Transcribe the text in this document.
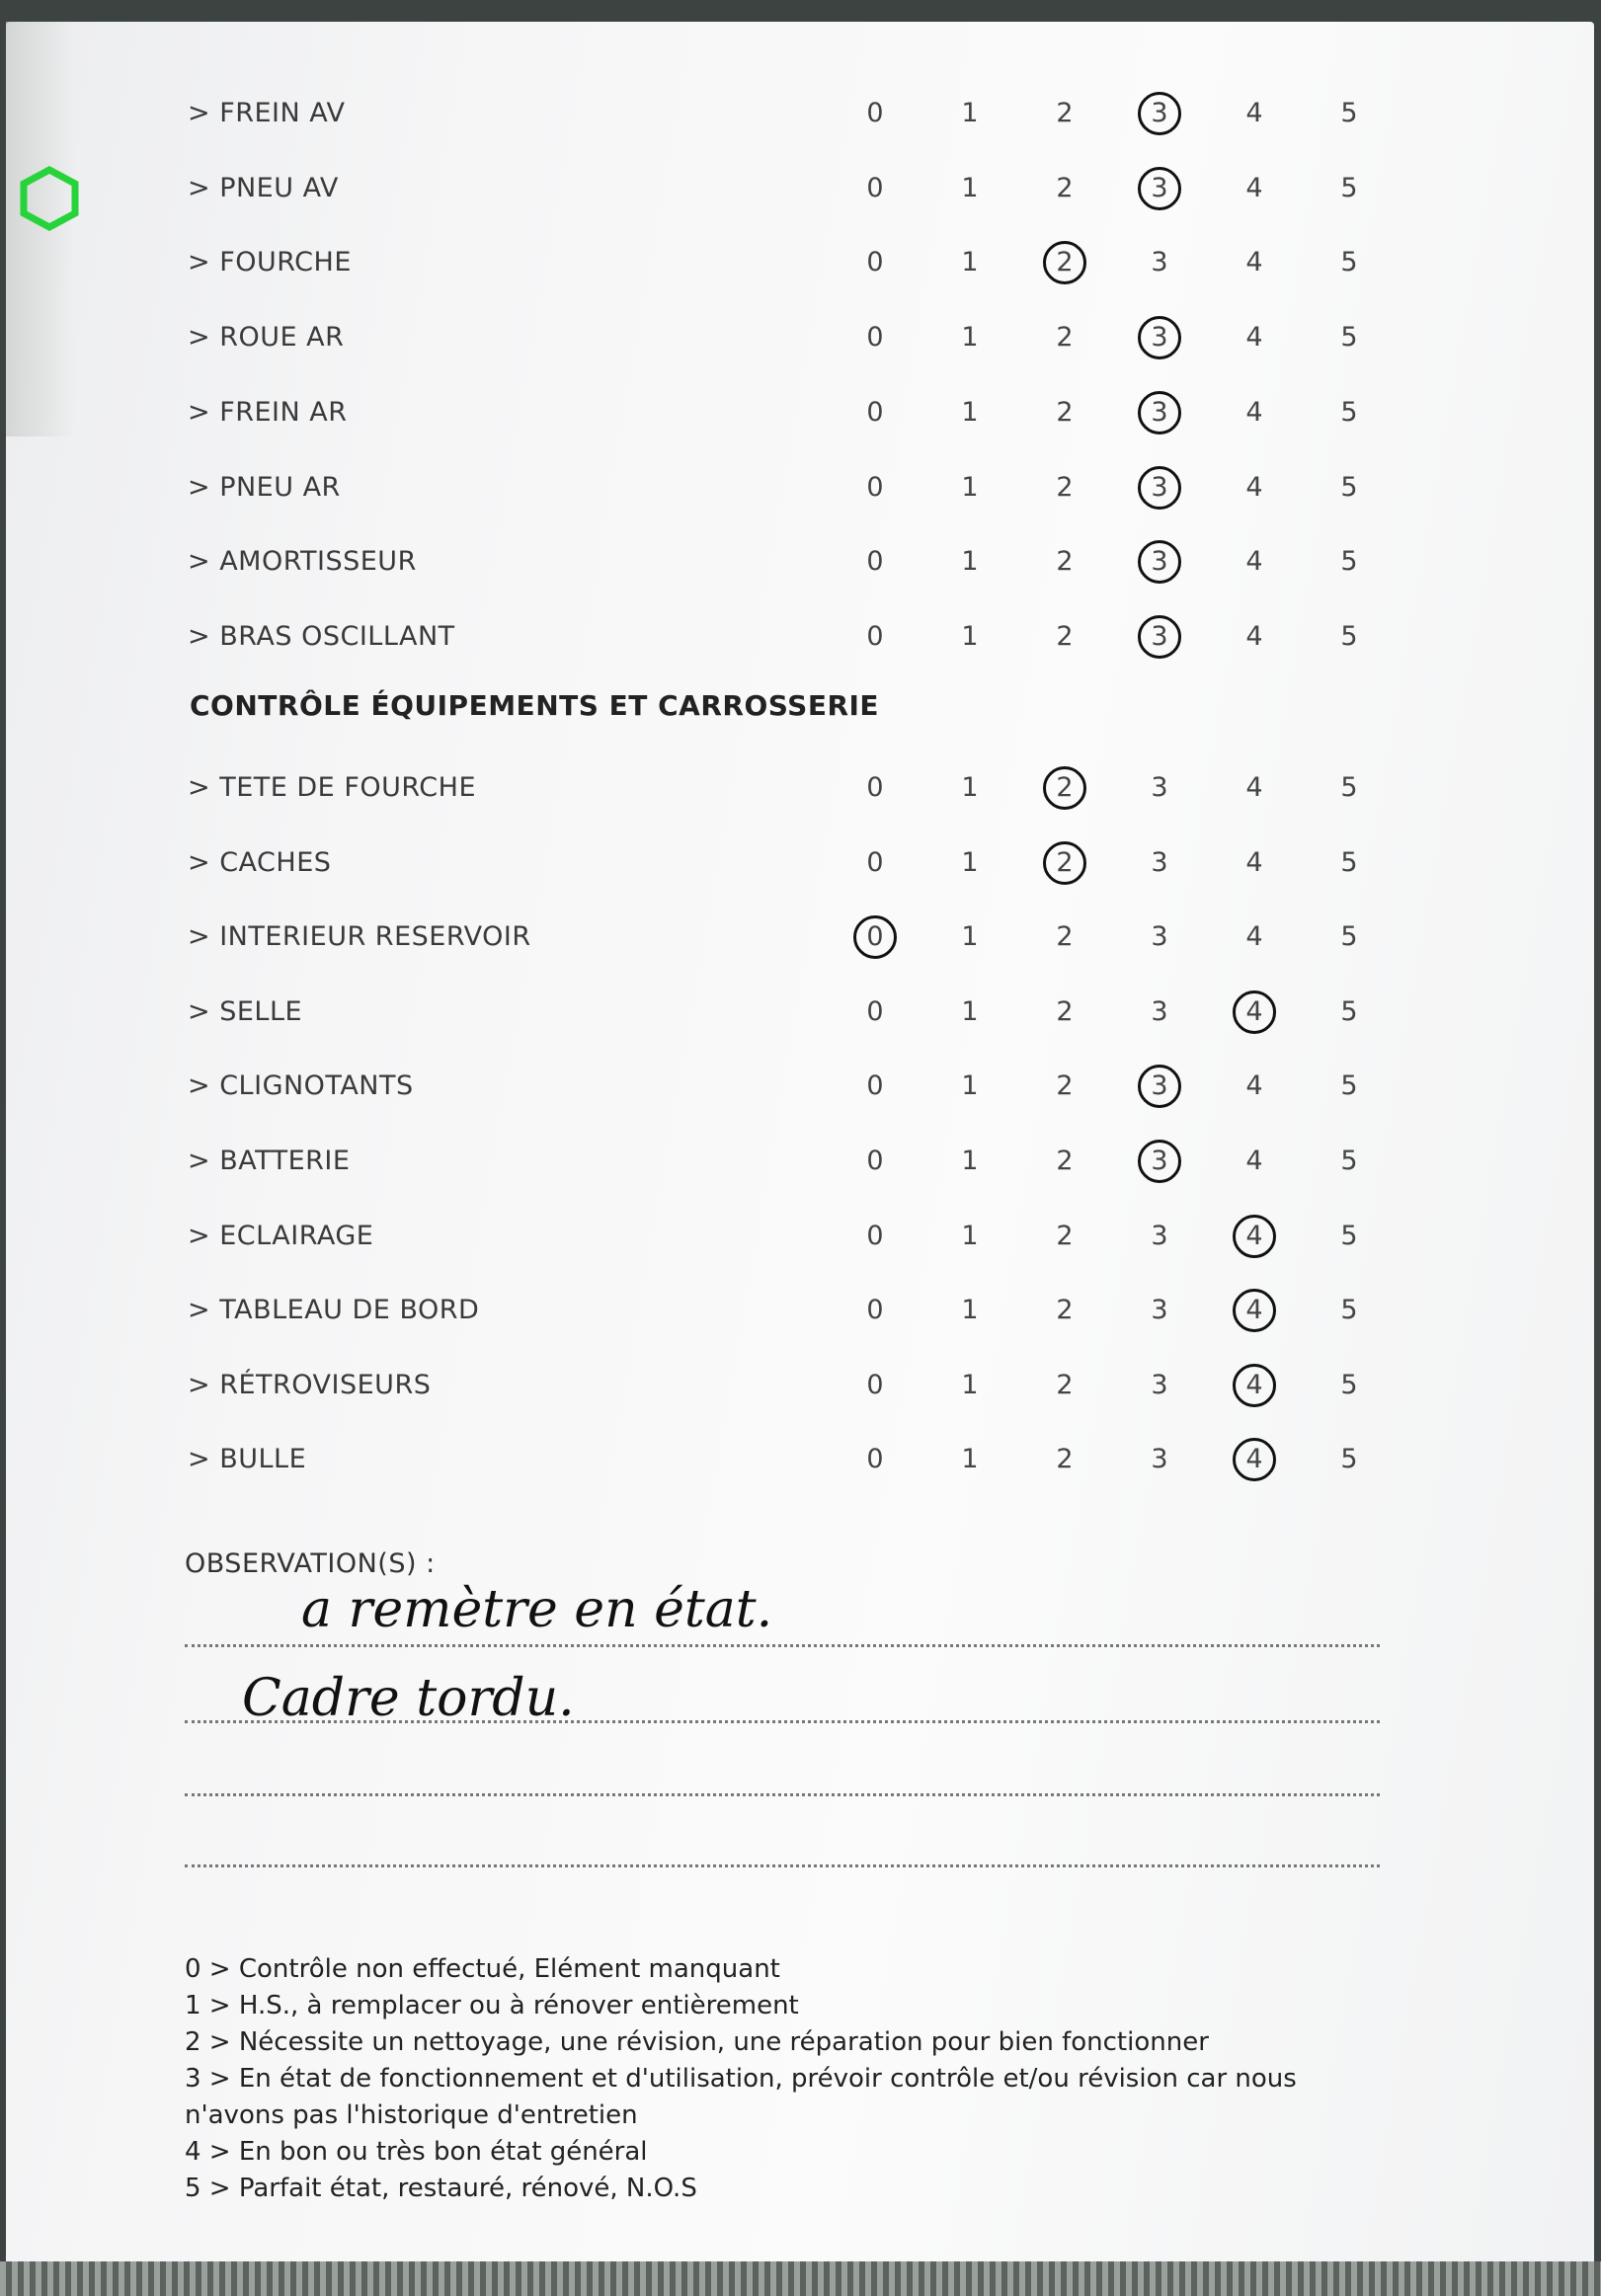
> FREIN AV	0	1	2	3	4	5
> PNEU AV	0	1	2	3	4	5
> FOURCHE	0	1	2	3	4	5
> ROUE AR	0	1	2	3	4	5
> FREIN AR	0	1	2	3	4	5
> PNEU AR	0	1	2	3	4	5
> AMORTISSEUR	0	1	2	3	4	5
> BRAS OSCILLANT	0	1	2	3	4	5
CONTRÔLE ÉQUIPEMENTS ET CARROSSERIE
> TETE DE FOURCHE	0	1	2	3	4	5
> CACHES	0	1	2	3	4	5
> INTERIEUR RESERVOIR	0	1	2	3	4	5
> SELLE	0	1	2	3	4	5
> CLIGNOTANTS	0	1	2	3	4	5
> BATTERIE	0	1	2	3	4	5
> ECLAIRAGE	0	1	2	3	4	5
> TABLEAU DE BORD	0	1	2	3	4	5
> RÉTROVISEURS	0	1	2	3	4	5
> BULLE	0	1	2	3	4	5
OBSERVATION(S) :
a remètre en état.
Cadre tordu.
0 > Contrôle non effectué, Elément manquant
1 > H.S., à remplacer ou à rénover entièrement
2 > Nécessite un nettoyage, une révision, une réparation pour bien fonctionner
3 > En état de fonctionnement et d'utilisation, prévoir contrôle et/ou révision car nous
n'avons pas l'historique d'entretien
4 > En bon ou très bon état général
5 > Parfait état, restauré, rénové, N.O.S
